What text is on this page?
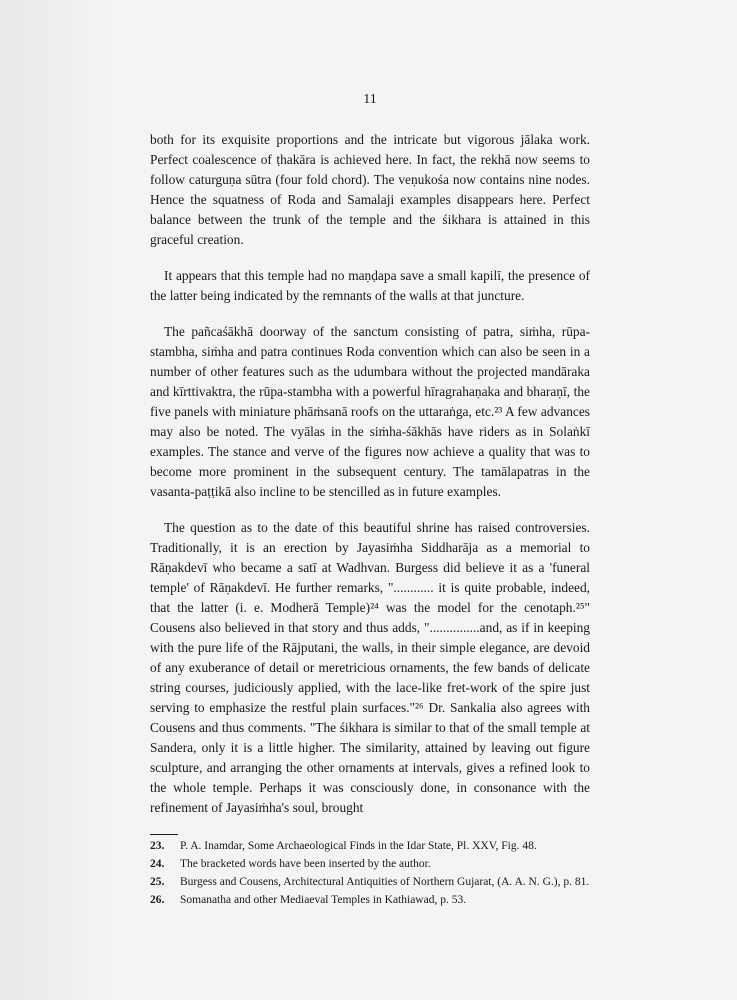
11

both for its exquisite proportions and the intricate but vigorous jālaka work. Perfect coalescence of ṭhakāra is achieved here. In fact, the rekhā now seems to follow caturguṇa sūtra (four fold chord). The veṇukośa now contains nine nodes. Hence the squatness of Roda and Samalaji examples disappears here. Perfect balance between the trunk of the temple and the śikhara is attained in this graceful creation.

It appears that this temple had no maṇḍapa save a small kapilī, the presence of the latter being indicated by the remnants of the walls at that juncture.

The pañcaśākhā doorway of the sanctum consisting of patra, siṁha, rūpa-stambha, siṁha and patra continues Roda convention which can also be seen in a number of other features such as the udumbara without the projected mandāraka and kīrttivaktra, the rūpa-stambha with a powerful hīragrahaṇaka and bharaṇī, the five panels with miniature phāṁsanā roofs on the uttaraṅga, etc.²³ A few advances may also be noted. The vyālas in the siṁha-śākhās have riders as in Solaṅkī examples. The stance and verve of the figures now achieve a quality that was to become more prominent in the subsequent century. The tamālapatras in the vasanta-paṭṭikā also incline to be stencilled as in future examples.

The question as to the date of this beautiful shrine has raised controversies. Traditionally, it is an erection by Jayasiṁha Siddharāja as a memorial to Rāṇakdevī who became a satī at Wadhvan. Burgess did believe it as a 'funeral temple' of Rāṇakdevī. He further remarks, "............ it is quite probable, indeed, that the latter (i. e. Modherā Temple)²⁴ was the model for the cenotaph.²⁵" Cousens also believed in that story and thus adds, "...............and, as if in keeping with the pure life of the Rājputani, the walls, in their simple elegance, are devoid of any exuberance of detail or meretricious ornaments, the few bands of delicate string courses, judiciously applied, with the lace-like fret-work of the spire just serving to emphasize the restful plain surfaces."²⁶ Dr. Sankalia also agrees with Cousens and thus comments. "The śikhara is similar to that of the small temple at Sandera, only it is a little higher. The similarity, attained by leaving out figure sculpture, and arranging the other ornaments at intervals, gives a refined look to the whole temple. Perhaps it was consciously done, in consonance with the refinement of Jayasiṁha's soul, brought

23.	P. A. Inamdar, Some Archaeological Finds in the Idar State, Pl. XXV, Fig. 48.
24.	The bracketed words have been inserted by the author.
25.	Burgess and Cousens, Architectural Antiquities of Northern Gujarat, (A. A. N. G.), p. 81.
26.	Somanatha and other Mediaeval Temples in Kathiawad, p. 53.
